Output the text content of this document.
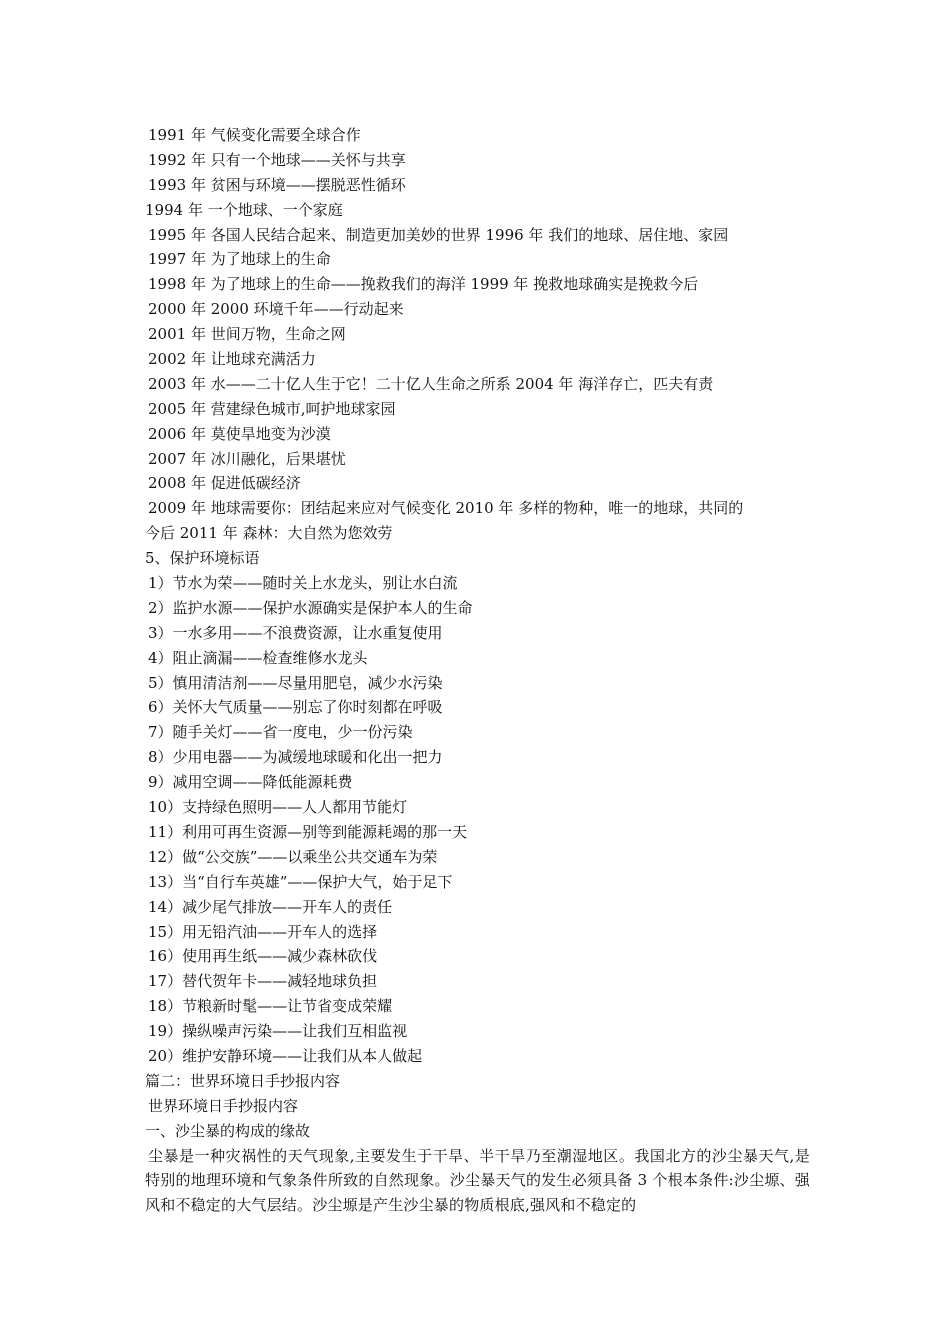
1991 年 气候变化需要全球合作
1992 年 只有一个地球——关怀与共享
1993 年 贫困与环境——摆脱恶性循环
1994 年 一个地球、一个家庭
1995 年 各国人民结合起来、制造更加美妙的世界 1996 年 我们的地球、居住地、家园
1997 年 为了地球上的生命
1998 年 为了地球上的生命——挽救我们的海洋 1999 年 挽救地球确实是挽救今后
2000 年 2000 环境千年——行动起来
2001 年 世间万物，生命之网
2002 年 让地球充满活力
2003 年 水——二十亿人生于它！二十亿人生命之所系 2004 年 海洋存亡，匹夫有责
2005 年 营建绿色城市,呵护地球家园
2006 年 莫使旱地变为沙漠
2007 年 冰川融化，后果堪忧
2008 年 促进低碳经济
2009 年 地球需要你：团结起来应对气候变化 2010 年 多样的物种，唯一的地球，共同的
今后 2011 年 森林：大自然为您效劳
5、保护环境标语
1）节水为荣——随时关上水龙头，别让水白流
2）监护水源——保护水源确实是保护本人的生命
3）一水多用——不浪费资源，让水重复使用
4）阻止滴漏——检查维修水龙头
5）慎用清洁剂——尽量用肥皂，减少水污染
6）关怀大气质量——别忘了你时刻都在呼吸
7）随手关灯——省一度电，少一份污染
8）少用电器——为减缓地球暖和化出一把力
9）减用空调——降低能源耗费
10）支持绿色照明——人人都用节能灯
11）利用可再生资源—别等到能源耗竭的那一天
12）做“公交族”——以乘坐公共交通车为荣
13）当“自行车英雄”——保护大气，始于足下
14）减少尾气排放——开车人的责任
15）用无铅汽油——开车人的选择
16）使用再生纸——减少森林砍伐
17）替代贺年卡——减轻地球负担
18）节粮新时髦——让节省变成荣耀
19）操纵噪声污染——让我们互相监视
20）维护安静环境——让我们从本人做起
篇二：世界环境日手抄报内容
世界环境日手抄报内容
一、沙尘暴的构成的缘故
尘暴是一种灾祸性的天气现象,主要发生于干旱、半干旱乃至潮湿地区。我国北方的沙尘暴天气,是特别的地理环境和气象条件所致的自然现象。沙尘暴天气的发生必须具备 3 个根本条件:沙尘塬、强风和不稳定的大气层结。沙尘塬是产生沙尘暴的物质根底,强风和不稳定的
